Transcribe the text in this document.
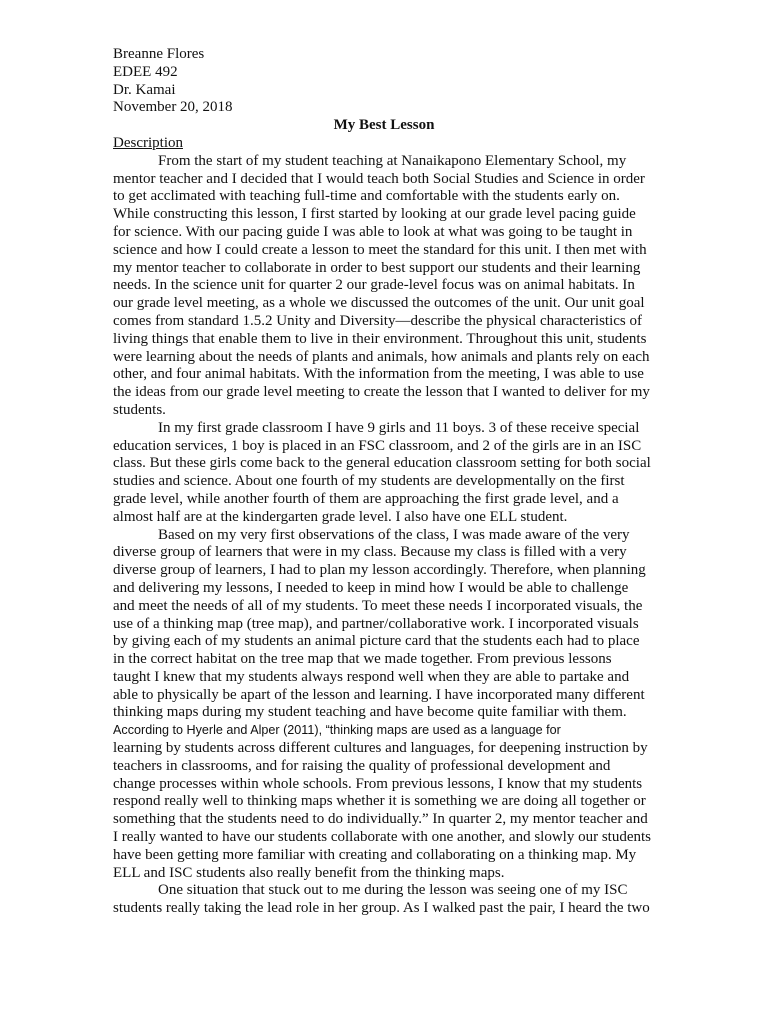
Breanne Flores
EDEE 492
Dr. Kamai
November 20, 2018
My Best Lesson
Description
From the start of my student teaching at Nanaikapono Elementary School, my
mentor teacher and I decided that I would teach both Social Studies and Science in order
to get acclimated with teaching full-time and comfortable with the students early on.
While constructing this lesson, I first started by looking at our grade level pacing guide
for science. With our pacing guide I was able to look at what was going to be taught in
science and how I could create a lesson to meet the standard for this unit. I then met with
my mentor teacher to collaborate in order to best support our students and their learning
needs. In the science unit for quarter 2 our grade-level focus was on animal habitats. In
our grade level meeting, as a whole we discussed the outcomes of the unit. Our unit goal
comes from standard 1.5.2 Unity and Diversity—describe the physical characteristics of
living things that enable them to live in their environment. Throughout this unit, students
were learning about the needs of plants and animals, how animals and plants rely on each
other, and four animal habitats. With the information from the meeting, I was able to use
the ideas from our grade level meeting to create the lesson that I wanted to deliver for my
students.
In my first grade classroom I have 9 girls and 11 boys. 3 of these receive special
education services, 1 boy is placed in an FSC classroom, and 2 of the girls are in an ISC
class. But these girls come back to the general education classroom setting for both social
studies and science. About one fourth of my students are developmentally on the first
grade level, while another fourth of them are approaching the first grade level, and a
almost half are at the kindergarten grade level. I also have one ELL student.
Based on my very first observations of the class, I was made aware of the very
diverse group of learners that were in my class. Because my class is filled with a very
diverse group of learners, I had to plan my lesson accordingly. Therefore, when planning
and delivering my lessons, I needed to keep in mind how I would be able to challenge
and meet the needs of all of my students. To meet these needs I incorporated visuals, the
use of a thinking map (tree map), and partner/collaborative work. I incorporated visuals
by giving each of my students an animal picture card that the students each had to place
in the correct habitat on the tree map that we made together. From previous lessons
taught I knew that my students always respond well when they are able to partake and
able to physically be apart of the lesson and learning. I have incorporated many different
thinking maps during my student teaching and have become quite familiar with them.
According to Hyerle and Alper (2011), “thinking maps are used as a language for
learning by students across different cultures and languages, for deepening instruction by
teachers in classrooms, and for raising the quality of professional development and
change processes within whole schools. From previous lessons, I know that my students
respond really well to thinking maps whether it is something we are doing all together or
something that the students need to do individually.” In quarter 2, my mentor teacher and
I really wanted to have our students collaborate with one another, and slowly our students
have been getting more familiar with creating and collaborating on a thinking map. My
ELL and ISC students also really benefit from the thinking maps.
One situation that stuck out to me during the lesson was seeing one of my ISC
students really taking the lead role in her group. As I walked past the pair, I heard the two
